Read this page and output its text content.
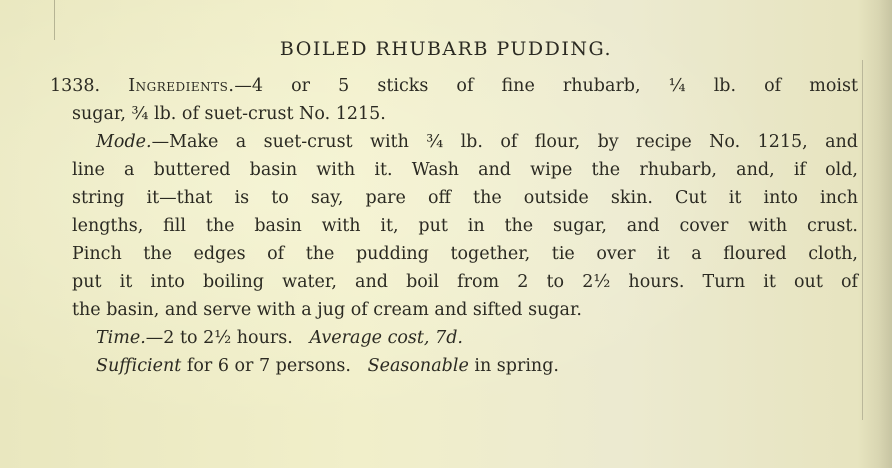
BOILED RHUBARB PUDDING.
1338. Ingredients.—4 or 5 sticks of fine rhubarb, ¼ lb. of moist
sugar, ¾ lb. of suet-crust No. 1215.
Mode.—Make a suet-crust with ¾ lb. of flour, by recipe No. 1215, and
line a buttered basin with it. Wash and wipe the rhubarb, and, if old,
string it—that is to say, pare off the outside skin. Cut it into inch
lengths, fill the basin with it, put in the sugar, and cover with crust.
Pinch the edges of the pudding together, tie over it a floured cloth,
put it into boiling water, and boil from 2 to 2½ hours. Turn it out of
the basin, and serve with a jug of cream and sifted sugar.
Time.—2 to 2½ hours. Average cost, 7d.
Sufficient for 6 or 7 persons. Seasonable in spring.
